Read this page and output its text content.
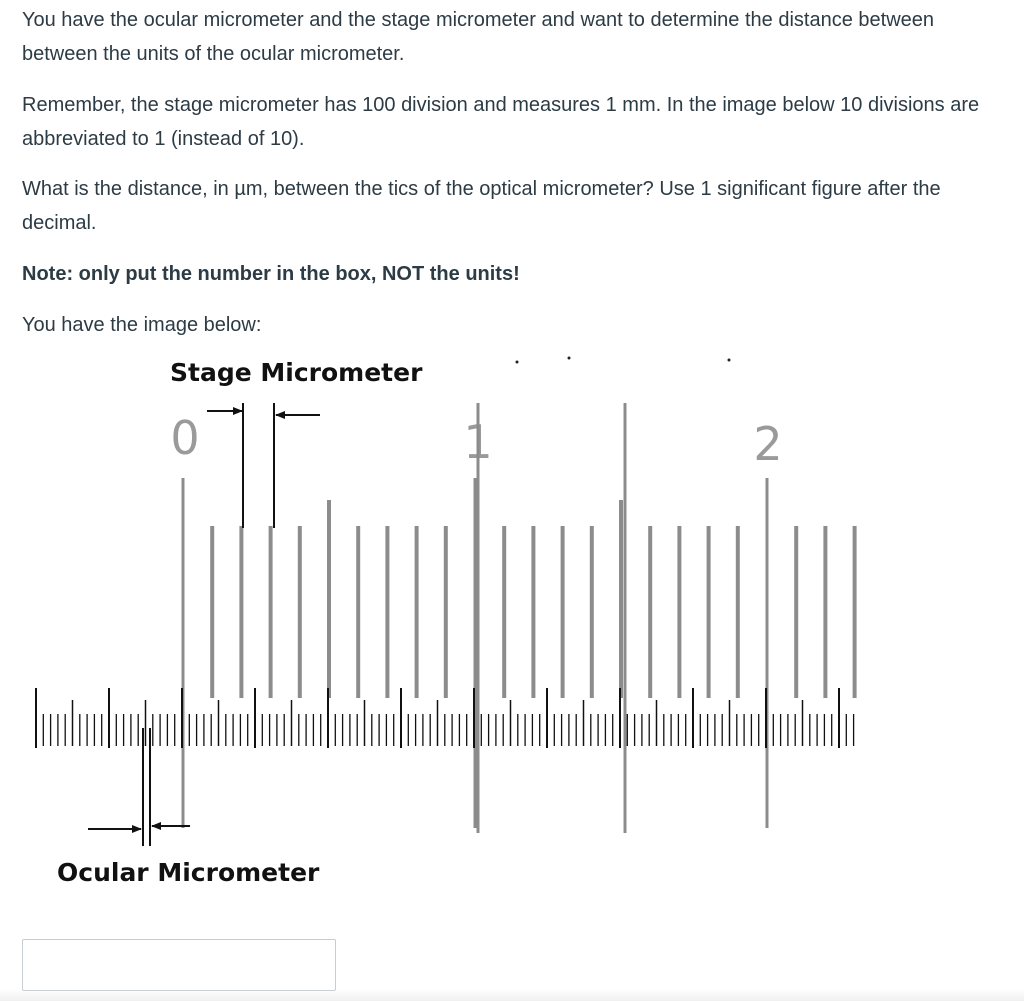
You have the ocular micrometer and the stage micrometer and want to determine the distance between between the units of the ocular micrometer.

Remember, the stage micrometer has 100 division and measures 1 mm. In the image below 10 divisions are abbreviated to 1 (instead of 10).

What is the distance, in µm, between the tics of the optical micrometer? Use 1 significant figure after the decimal.

Note: only put the number in the box, NOT the units!

You have the image below:

Stage Micrometer
0	1	2
Ocular Micrometer
